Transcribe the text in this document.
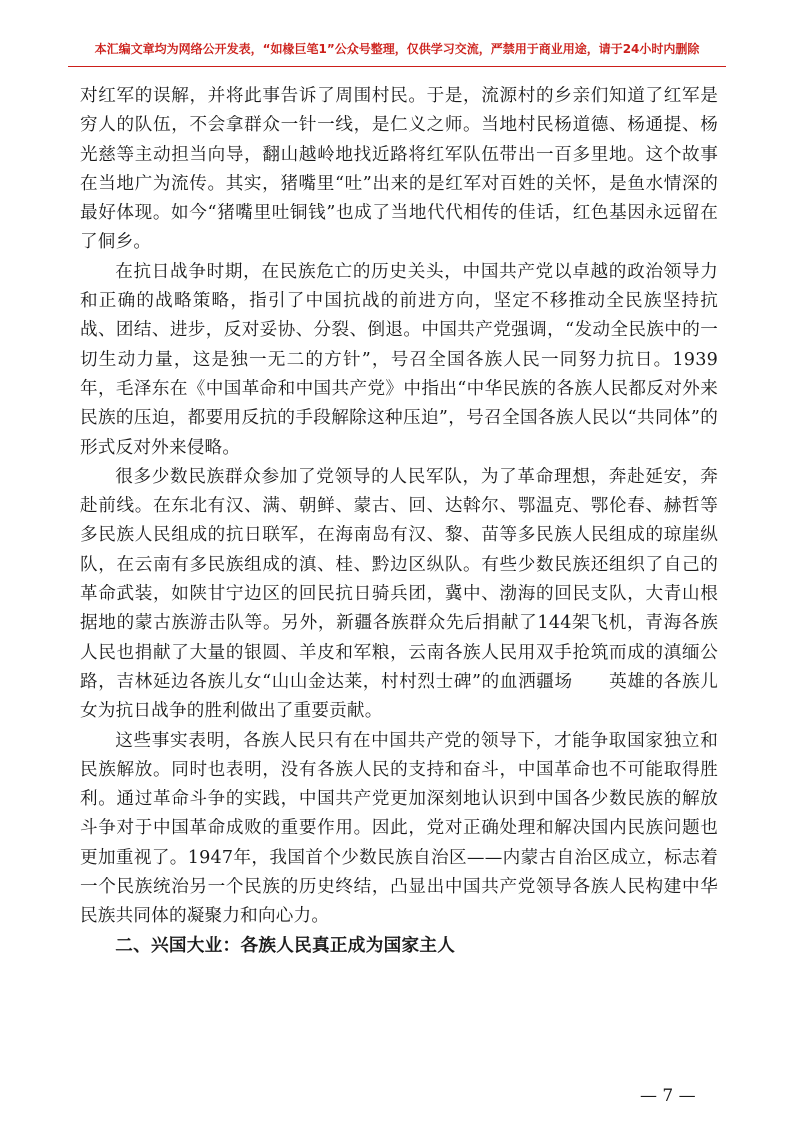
本汇编文章均为网络公开发表，“如椽巨笔1”公众号整理，仅供学习交流，严禁用于商业用途，请于24小时内删除

对红军的误解，并将此事告诉了周围村民。于是，流源村的乡亲们知道了红军是穷人的队伍，不会拿群众一针一线，是仁义之师。当地村民杨道德、杨通提、杨光慈等主动担当向导，翻山越岭地找近路将红军队伍带出一百多里地。这个故事在当地广为流传。其实，猪嘴里“吐”出来的是红军对百姓的关怀，是鱼水情深的最好体现。如今“猪嘴里吐铜钱”也成了当地代代相传的佳话，红色基因永远留在了侗乡。

在抗日战争时期，在民族危亡的历史关头，中国共产党以卓越的政治领导力和正确的战略策略，指引了中国抗战的前进方向，坚定不移推动全民族坚持抗战、团结、进步，反对妥协、分裂、倒退。中国共产党强调，“发动全民族中的一切生动力量，这是独一无二的方针”，号召全国各族人民一同努力抗日。1939年，毛泽东在《中国革命和中国共产党》中指出“中华民族的各族人民都反对外来民族的压迫，都要用反抗的手段解除这种压迫”，号召全国各族人民以“共同体”的形式反对外来侵略。

很多少数民族群众参加了党领导的人民军队，为了革命理想，奔赴延安，奔赴前线。在东北有汉、满、朝鲜、蒙古、回、达斡尔、鄂温克、鄂伦春、赫哲等多民族人民组成的抗日联军，在海南岛有汉、黎、苗等多民族人民组成的琼崖纵队，在云南有多民族组成的滇、桂、黔边区纵队。有些少数民族还组织了自己的革命武装，如陕甘宁边区的回民抗日骑兵团，冀中、渤海的回民支队，大青山根据地的蒙古族游击队等。另外，新疆各族群众先后捐献了144架飞机，青海各族人民也捐献了大量的银圆、羊皮和军粮，云南各族人民用双手抢筑而成的滇缅公路，吉林延边各族儿女“山山金达莱，村村烈士碑”的血洒疆场　　英雄的各族儿女为抗日战争的胜利做出了重要贡献。

这些事实表明，各族人民只有在中国共产党的领导下，才能争取国家独立和民族解放。同时也表明，没有各族人民的支持和奋斗，中国革命也不可能取得胜利。通过革命斗争的实践，中国共产党更加深刻地认识到中国各少数民族的解放斗争对于中国革命成败的重要作用。因此，党对正确处理和解决国内民族问题也更加重视了。1947年，我国首个少数民族自治区——内蒙古自治区成立，标志着一个民族统治另一个民族的历史终结，凸显出中国共产党领导各族人民构建中华民族共同体的凝聚力和向心力。

二、兴国大业：各族人民真正成为国家主人

— 7 —
